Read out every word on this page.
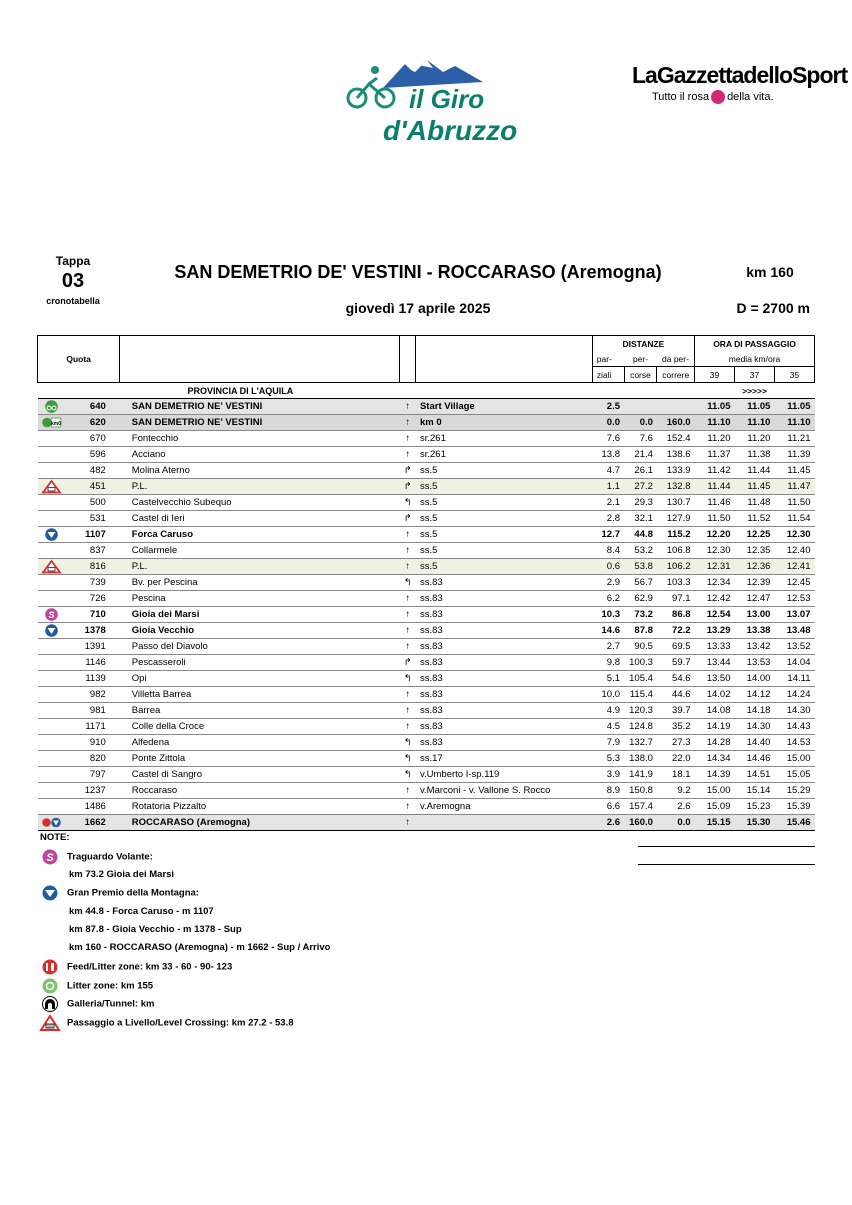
il Giro
d'Abruzzo
LaGazzettadelloSport
Tutto il rosa della vita.
Tappa
03
cronotabella
SAN DEMETRIO DE' VESTINI - ROCCARASO (Aremogna)	km 160
giovedì 17 aprile 2025	D = 2700 m
					DISTANZE			ORA DI PASSAGGIO		
Quota					par-	per-	da per-	media km/ora		
					ziali	corse	correre	39	37	35
PROVINCIA DI L'AQUILA								>>>>>		
	640	SAN DEMETRIO NE' VESTINI	↑	Start Village	2.5			11.05	11.05	11.05

km0	620	SAN DEMETRIO NE' VESTINI	↑	km 0	0.0	0.0	160.0	11.10	11.10	11.10
	670	Fontecchio	↑	sr.261	7.6	7.6	152.4	11.20	11.20	11.21
	596	Acciano	↑	sr.261	13.8	21.4	138.6	11.37	11.38	11.39
	482	Molina Aterno	↱	ss.5	4.7	26.1	133.9	11.42	11.44	11.45
	451	P.L.	↱	ss.5	1.1	27.2	132.8	11.44	11.45	11.47
	500	Castelvecchio Subequo	↰	ss.5	2.1	29.3	130.7	11.46	11.48	11.50
	531	Castel di Ieri	↱	ss.5	2.8	32.1	127.9	11.50	11.52	11.54
	1107	Forca Caruso	↑	ss.5	12.7	44.8	115.2	12.20	12.25	12.30
	837	Collarmele	↑	ss.5	8.4	53.2	106.8	12.30	12.35	12.40
	816	P.L.	↑	ss.5	0.6	53.8	106.2	12.31	12.36	12.41
	739	Bv. per Pescina	↰	ss.83	2.9	56.7	103.3	12.34	12.39	12.45
	726	Pescina	↑	ss.83	6.2	62.9	97.1	12.42	12.47	12.53

S	710	Gioia dei Marsi	↑	ss.83	10.3	73.2	86.8	12.54	13.00	13.07
	1378	Gioia Vecchio	↑	ss.83	14.6	87.8	72.2	13.29	13.38	13.48
	1391	Passo del Diavolo	↑	ss.83	2.7	90.5	69.5	13.33	13.42	13.52
	1146	Pescasseroli	↱	ss.83	9.8	100.3	59.7	13.44	13.53	14.04
	1139	Opi	↰	ss.83	5.1	105.4	54.6	13.50	14.00	14.11
	982	Villetta Barrea	↑	ss.83	10.0	115.4	44.6	14.02	14.12	14.24
	981	Barrea	↑	ss.83	4.9	120.3	39.7	14.08	14.18	14.30
	1171	Colle della Croce	↑	ss.83	4.5	124.8	35.2	14.19	14.30	14.43
	910	Alfedena	↰	ss.83	7.9	132.7	27.3	14.28	14.40	14.53
	820	Ponte Zittola	↰	ss.17	5.3	138.0	22.0	14.34	14.46	15.00
	797	Castel di Sangro	↰	v.Umberto I-sp.119	3.9	141.9	18.1	14.39	14.51	15.05
	1237	Roccaraso	↑	v.Marconi - v. Vallone S. Rocco	8.9	150.8	9.2	15.00	15.14	15.29
	1486	Rotatoria Pizzalto	↑	v.Aremogna	6.6	157.4	2.6	15.09	15.23	15.39
	1662	ROCCARASO (Aremogna)	↑		2.6	160.0	0.0	15.15	15.30	15.46
NOTE:
S Traguardo Volante:
km 73.2 Gioia dei Marsi
Gran Premio della Montagna:
km 44.8 - Forca Caruso - m 1107
km 87.8 - Gioia Vecchio - m 1378 - Sup
km 160 - ROCCARASO (Aremogna) - m 1662 - Sup / Arrivo
Feed/Litter zone: km 33 - 60 - 90- 123
Litter zone: km 155
Galleria/Tunnel: km
Passaggio a Livello/Level Crossing: km 27.2 - 53.8
